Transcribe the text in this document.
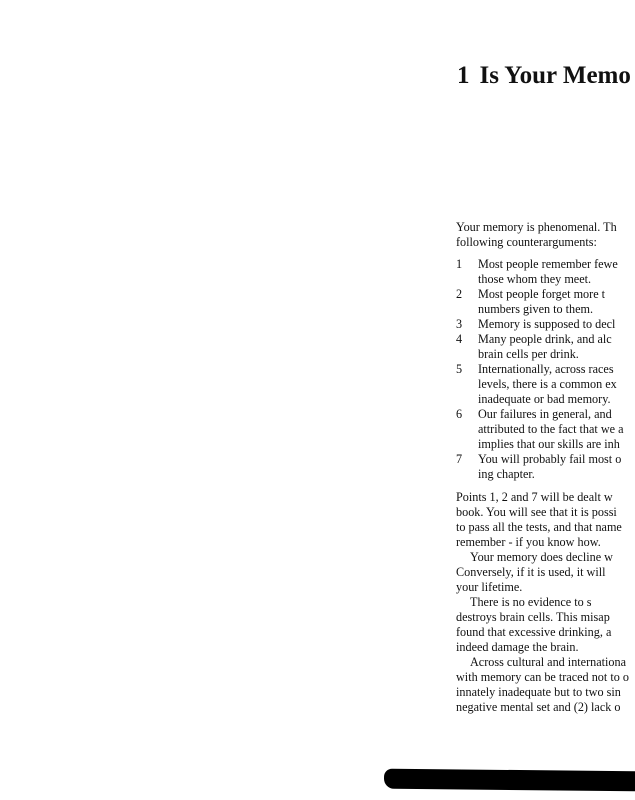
1 Is Your Memo
Your memory is phenomenal. Th
following counterarguments:
1	Most people remember fewe
those whom they meet.
2	Most people forget more t
numbers given to them.
3	Memory is supposed to decl
4	Many people drink, and alc
brain cells per drink.
5	Internationally, across races
levels, there is a common ex
inadequate or bad memory.
6	Our failures in general, and
attributed to the fact that we a
implies that our skills are inh
7	You will probably fail most o
ing chapter.

Points 1, 2 and 7 will be dealt w

book. You will see that it is possi

to pass all the tests, and that name

remember - if you know how.

Your memory does decline w

Conversely, if it is used, it will

your lifetime.

There is no evidence to s

destroys brain cells. This misap

found that excessive drinking, a

indeed damage the brain.

Across cultural and internationa

with memory can be traced not to o

innately inadequate but to two sin

negative mental set and (2) lack o
